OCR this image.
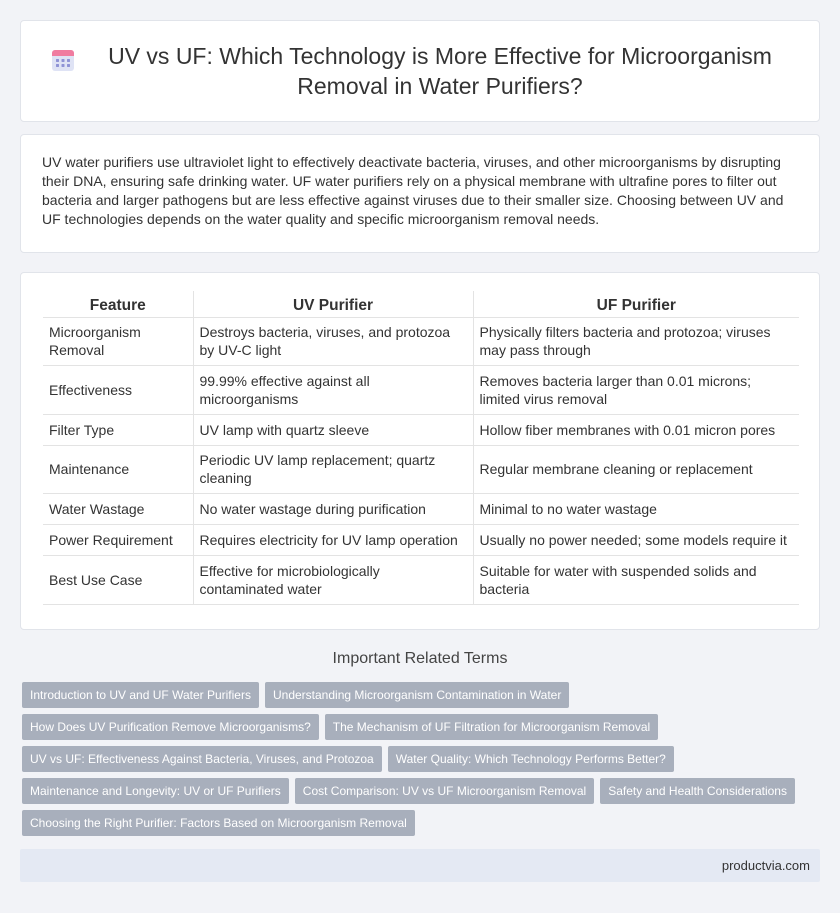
UV vs UF: Which Technology is More Effective for Microorganism Removal in Water Purifiers?

UV water purifiers use ultraviolet light to effectively deactivate bacteria, viruses, and other microorganisms by disrupting their DNA, ensuring safe drinking water. UF water purifiers rely on a physical membrane with ultrafine pores to filter out bacteria and larger pathogens but are less effective against viruses due to their smaller size. Choosing between UV and UF technologies depends on the water quality and specific microorganism removal needs.

Feature	UV Purifier	UF Purifier
Microorganism Removal	Destroys bacteria, viruses, and protozoa by UV-C light	Physically filters bacteria and protozoa; viruses may pass through
Effectiveness	99.99% effective against all microorganisms	Removes bacteria larger than 0.01 microns; limited virus removal
Filter Type	UV lamp with quartz sleeve	Hollow fiber membranes with 0.01 micron pores
Maintenance	Periodic UV lamp replacement; quartz cleaning	Regular membrane cleaning or replacement
Water Wastage	No water wastage during purification	Minimal to no water wastage
Power Requirement	Requires electricity for UV lamp operation	Usually no power needed; some models require it
Best Use Case	Effective for microbiologically contaminated water	Suitable for water with suspended solids and bacteria
Important Related Terms
Introduction to UV and UF Water Purifiers	Understanding Microorganism Contamination in Water
How Does UV Purification Remove Microorganisms?	The Mechanism of UF Filtration for Microorganism Removal
UV vs UF: Effectiveness Against Bacteria, Viruses, and Protozoa	Water Quality: Which Technology Performs Better?
Maintenance and Longevity: UV or UF Purifiers	Cost Comparison: UV vs UF Microorganism Removal	Safety and Health Considerations
Choosing the Right Purifier: Factors Based on Microorganism Removal
productvia.com
